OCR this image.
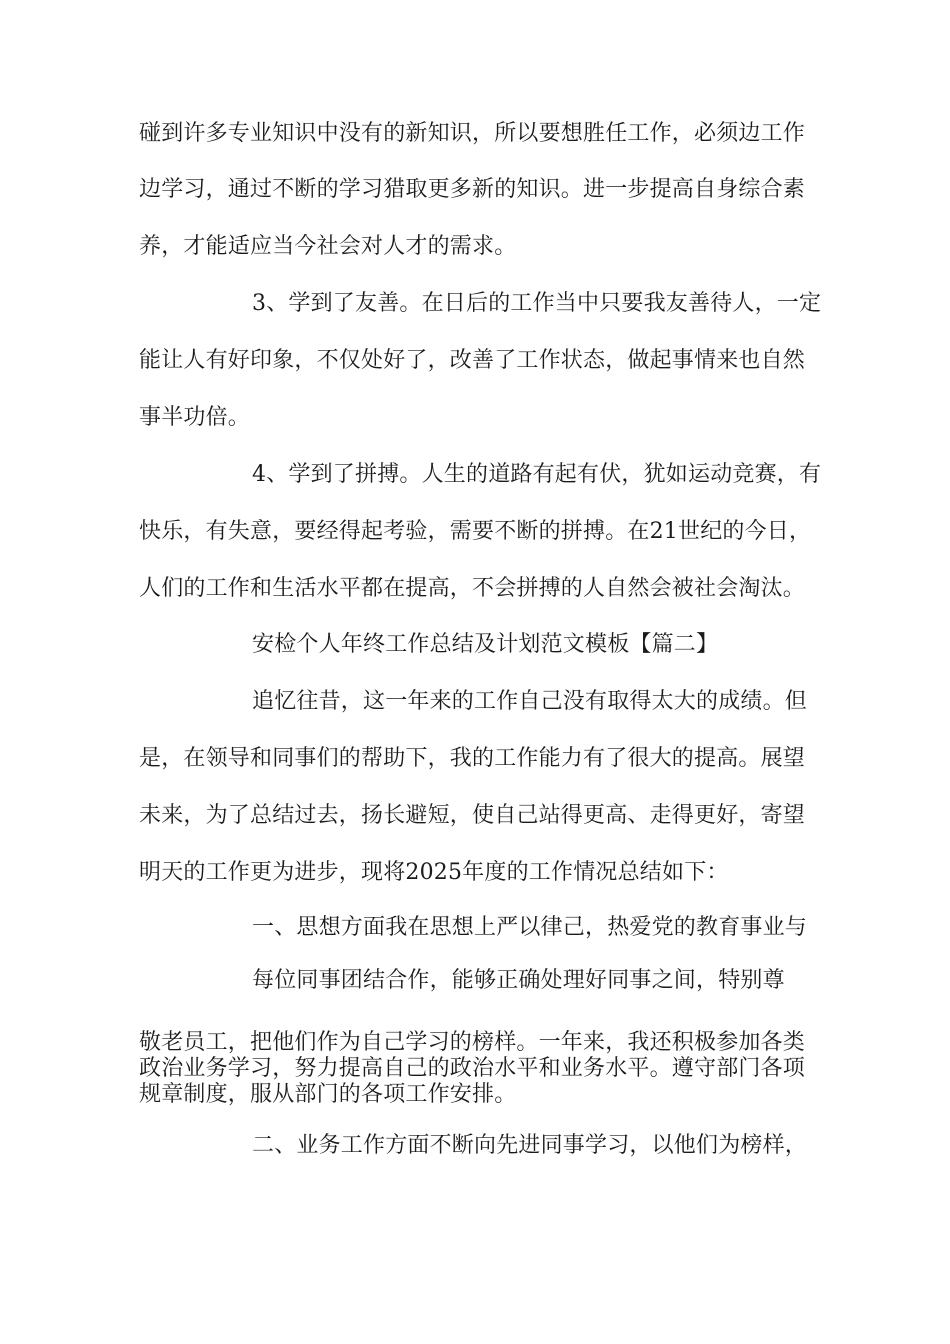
碰到许多专业知识中没有的新知识，所以要想胜任工作，必须边工作
边学习，通过不断的学习猎取更多新的知识。进一步提高自身综合素
养，才能适应当今社会对人才的需求。
3、学到了友善。在日后的工作当中只要我友善待人，一定
能让人有好印象，不仅处好了，改善了工作状态，做起事情来也自然
事半功倍。
4、学到了拼搏。人生的道路有起有伏，犹如运动竞赛，有
快乐，有失意，要经得起考验，需要不断的拼搏。在21世纪的今日，
人们的工作和生活水平都在提高，不会拼搏的人自然会被社会淘汰。
安检个人年终工作总结及计划范文模板【篇二】
追忆往昔，这一年来的工作自己没有取得太大的成绩。但
是，在领导和同事们的帮助下，我的工作能力有了很大的提高。展望
未来，为了总结过去，扬长避短，使自己站得更高、走得更好，寄望
明天的工作更为进步，现将2025年度的工作情况总结如下：
一、思想方面我在思想上严以律己，热爱党的教育事业与
每位同事团结合作，能够正确处理好同事之间，特别尊
敬老员工，把他们作为自己学习的榜样。一年来，我还积极参加各类
政治业务学习，努力提高自己的政治水平和业务水平。遵守部门各项
规章制度，服从部门的各项工作安排。
二、业务工作方面不断向先进同事学习，以他们为榜样，
